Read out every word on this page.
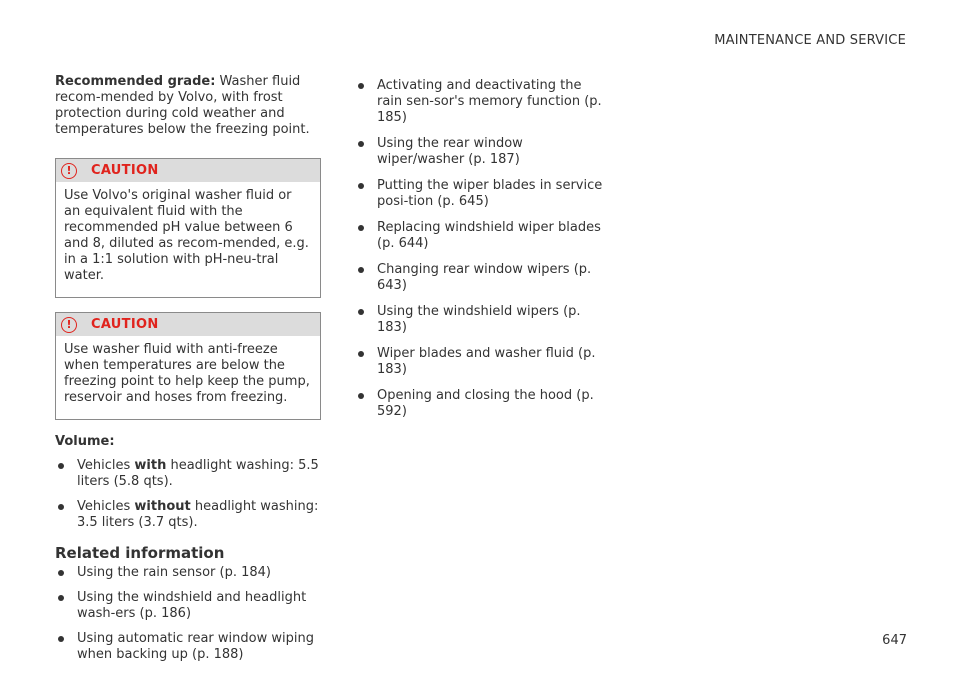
MAINTENANCE AND SERVICE

Recommended grade: Washer fluid recom-mended by Volvo, with frost protection during cold weather and temperatures below the freezing point.

!	CAUTION
Use Volvo's original washer fluid or an equivalent fluid with the recommended pH value between 6 and 8, diluted as recom-mended, e.g. in a 1:1 solution with pH-neu-tral water.
!	CAUTION
Use washer fluid with anti-freeze when temperatures are below the freezing point to help keep the pump, reservoir and hoses from freezing.

Volume:

Vehicles with headlight washing: 5.5 liters (5.8 qts).
Vehicles without headlight washing: 3.5 liters (3.7 qts).

Related information

Using the rain sensor (p. 184)
Using the windshield and headlight wash-ers (p. 186)
Using automatic rear window wiping when backing up (p. 188)
Activating and deactivating the rain sen-sor's memory function (p. 185)
Using the rear window wiper/washer (p. 187)
Putting the wiper blades in service posi-tion (p. 645)
Replacing windshield wiper blades (p. 644)
Changing rear window wipers (p. 643)
Using the windshield wipers (p. 183)
Wiper blades and washer fluid (p. 183)
Opening and closing the hood (p. 592)
647
